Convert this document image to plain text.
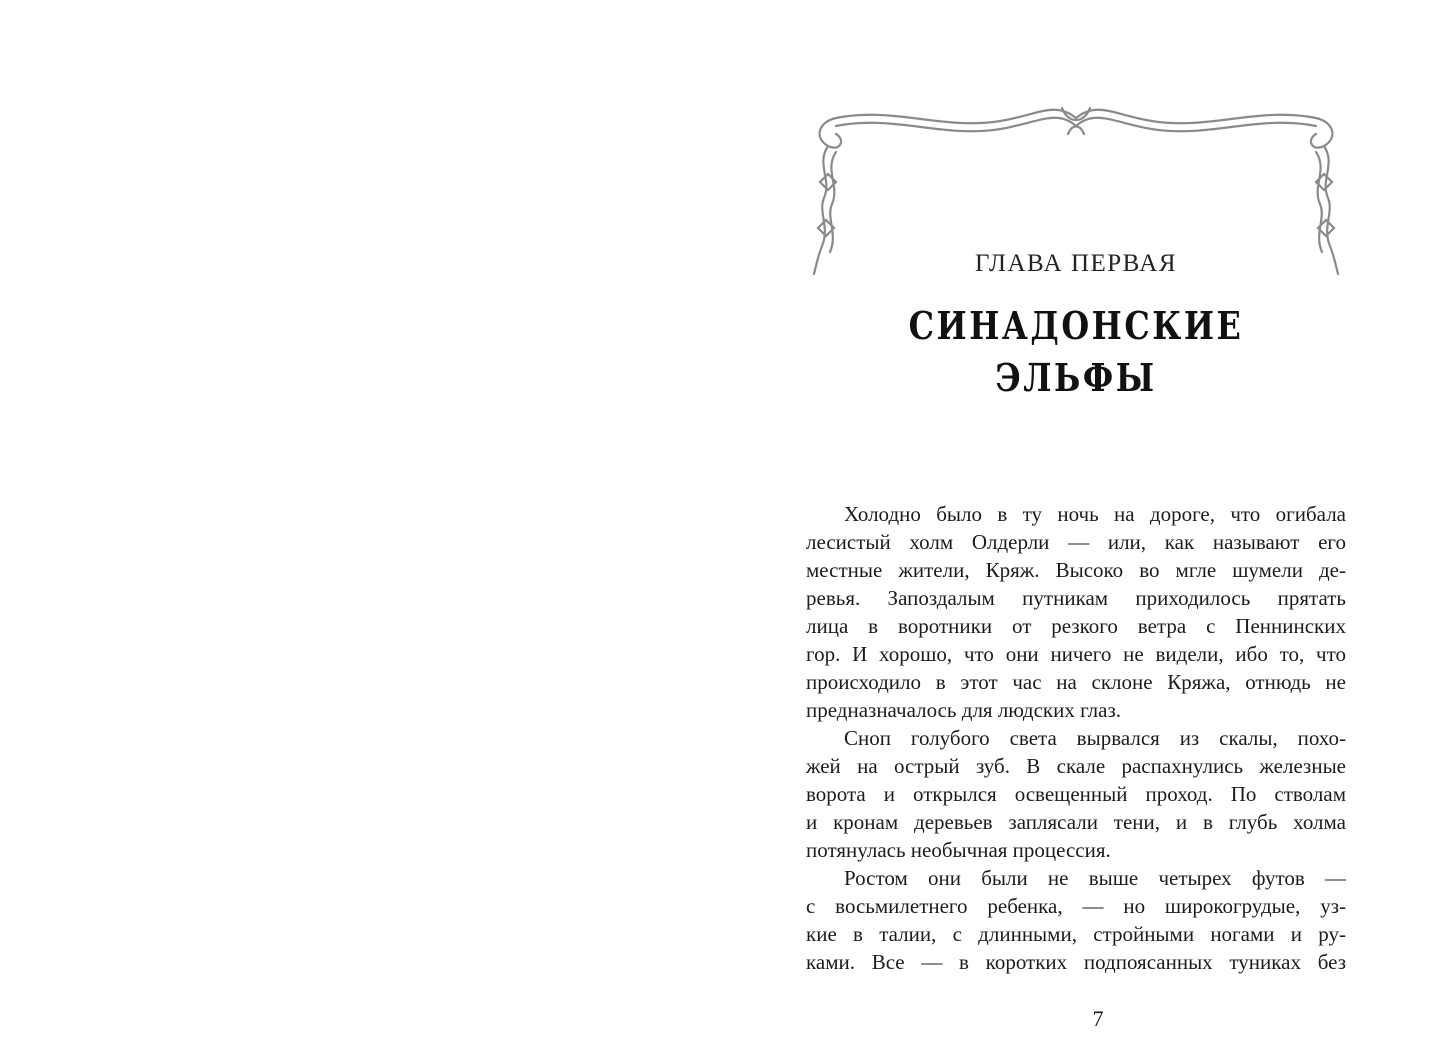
ГЛАВА ПЕРВАЯ
СИНАДОНСКИЕ
ЭЛЬФЫ
Холодно было в ту ночь на дороге, что огибала
лесистый холм Олдерли — или, как называют его
местные жители, Кряж. Высоко во мгле шумели де-
ревья. Запоздалым путникам приходилось прятать
лица в воротники от резкого ветра с Пеннинских
гор. И хорошо, что они ничего не видели, ибо то, что
происходило в этот час на склоне Кряжа, отнюдь не
предназначалось для людских глаз.
Сноп голубого света вырвался из скалы, похо-
жей на острый зуб. В скале распахнулись железные
ворота и открылся освещенный проход. По стволам
и кронам деревьев заплясали тени, и в глубь холма
потянулась необычная процессия.
Ростом они были не выше четырех футов —
с восьмилетнего ребенка, — но широкогрудые, уз-
кие в талии, с длинными, стройными ногами и ру-
ками. Все — в коротких подпоясанных туниках без
7
